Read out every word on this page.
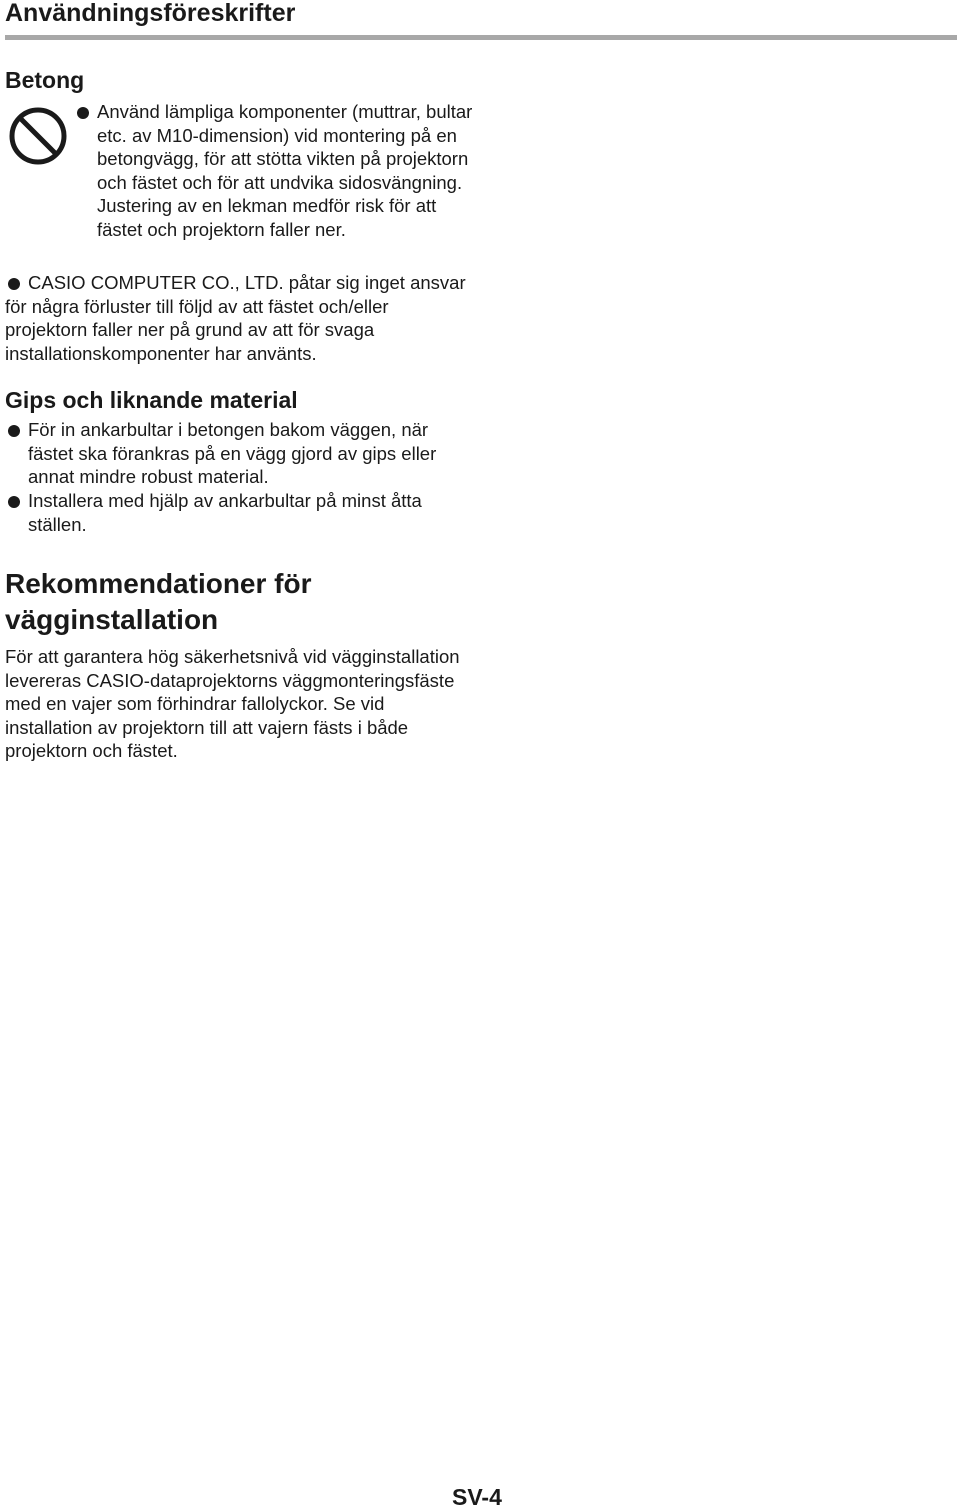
Användningsföreskrifter
Betong

Använd lämpliga komponenter (muttrar, bultar etc. av M10-dimension) vid montering på en betongvägg, för att stötta vikten på projektorn och fästet och för att undvika sidosvängning. Justering av en lekman medför risk för att fästet och projektorn faller ner.

CASIO COMPUTER CO., LTD. påtar sig inget ansvar för några förluster till följd av att fästet och/eller projektorn faller ner på grund av att för svaga installationskomponenter har använts.

Gips och liknande material

För in ankarbultar i betongen bakom väggen, när fästet ska förankras på en vägg gjord av gips eller annat mindre robust material.

Installera med hjälp av ankarbultar på minst åtta ställen.

Rekommendationer för vägginstallation

För att garantera hög säkerhetsnivå vid vägginstallation levereras CASIO-dataprojektorns väggmonteringsfäste med en vajer som förhindrar fallolyckor. Se vid installation av projektorn till att vajern fästs i både projektorn och fästet.

SV-4
